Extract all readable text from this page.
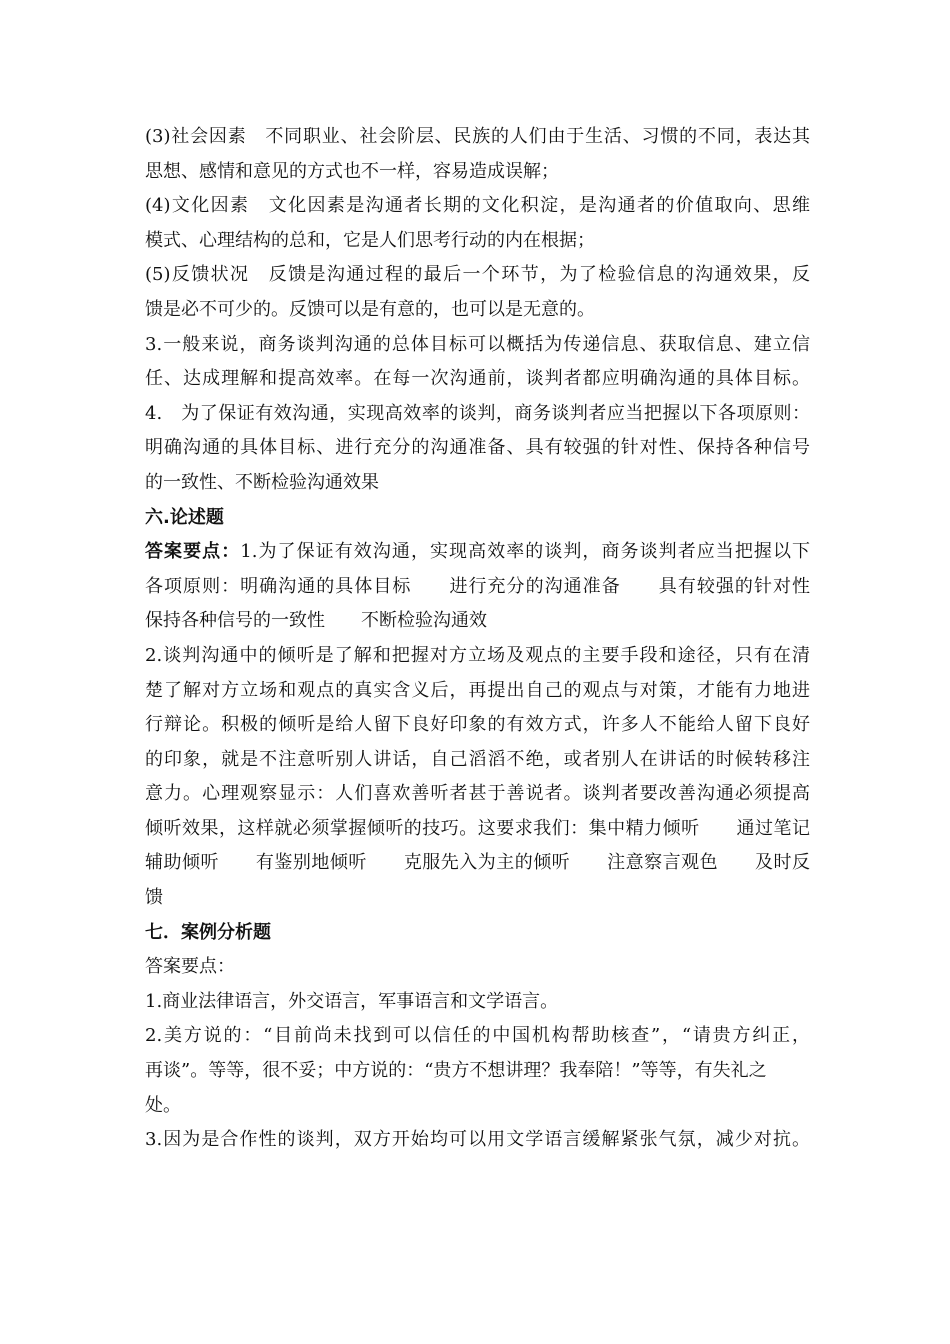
(3)社会因素　不同职业、社会阶层、民族的人们由于生活、习惯的不同，表达其
思想、感情和意见的方式也不一样，容易造成误解；
(4)文化因素　文化因素是沟通者长期的文化积淀，是沟通者的价值取向、思维
模式、心理结构的总和，它是人们思考行动的内在根据；
(5)反馈状况　反馈是沟通过程的最后一个环节，为了检验信息的沟通效果，反
馈是必不可少的。反馈可以是有意的，也可以是无意的。
3.一般来说，商务谈判沟通的总体目标可以概括为传递信息、获取信息、建立信
任、达成理解和提高效率。在每一次沟通前，谈判者都应明确沟通的具体目标。
4.　为了保证有效沟通，实现高效率的谈判，商务谈判者应当把握以下各项原则：
明确沟通的具体目标、进行充分的沟通准备、具有较强的针对性、保持各种信号
的一致性、不断检验沟通效果
六.论述题
答案要点：1.为了保证有效沟通，实现高效率的谈判，商务谈判者应当把握以下
各项原则：明确沟通的具体目标　　进行充分的沟通准备　　具有较强的针对性
保持各种信号的一致性　　不断检验沟通效
2.谈判沟通中的倾听是了解和把握对方立场及观点的主要手段和途径，只有在清
楚了解对方立场和观点的真实含义后，再提出自己的观点与对策，才能有力地进
行辩论。积极的倾听是给人留下良好印象的有效方式，许多人不能给人留下良好
的印象，就是不注意听别人讲话，自己滔滔不绝，或者别人在讲话的时候转移注
意力。心理观察显示：人们喜欢善听者甚于善说者。谈判者要改善沟通必须提高
倾听效果，这样就必须掌握倾听的技巧。这要求我们：集中精力倾听　　通过笔记
辅助倾听　　有鉴别地倾听　　克服先入为主的倾听　　注意察言观色　　及时反
馈
七．案例分析题
答案要点：
1.商业法律语言，外交语言，军事语言和文学语言。
2.美方说的：“目前尚未找到可以信任的中国机构帮助核查”，“请贵方纠正，
再谈”。等等，很不妥；中方说的：“贵方不想讲理？我奉陪！”等等，有失礼之
处。
3.因为是合作性的谈判，双方开始均可以用文学语言缓解紧张气氛，减少对抗。
